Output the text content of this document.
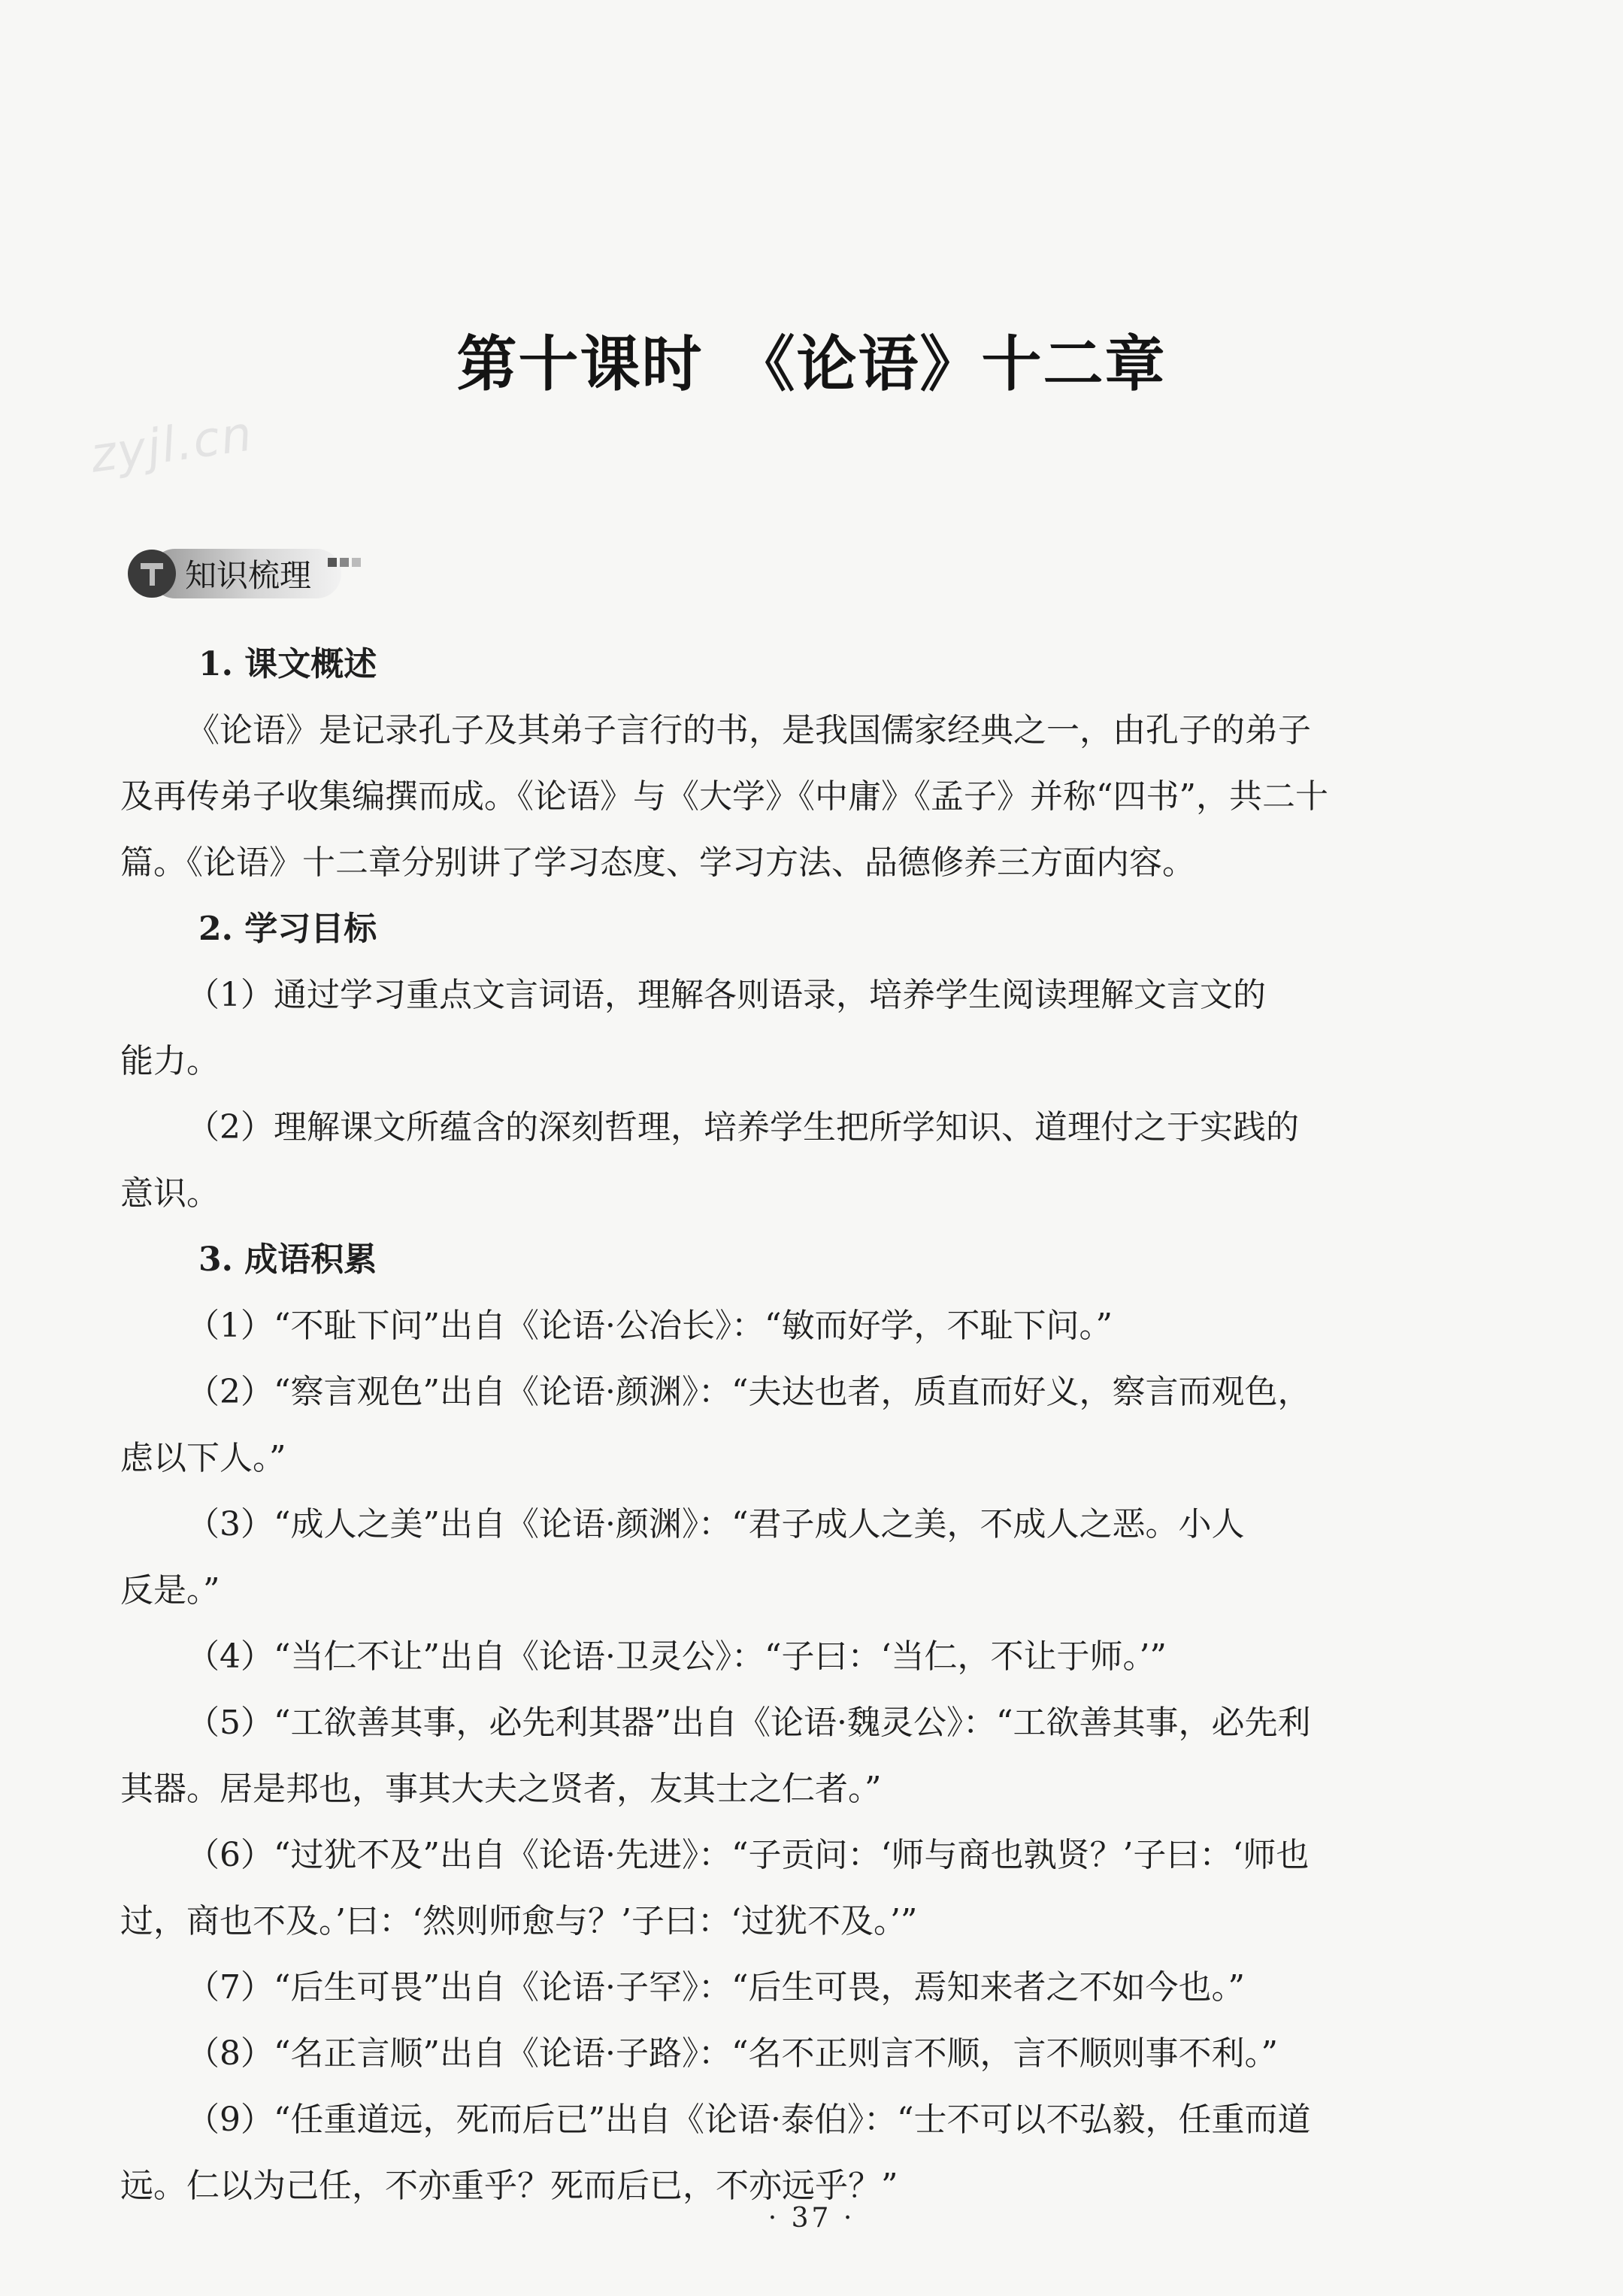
zyjl.cn
第十课时　《论语》十二章
知识梳理
1. 课文概述
《论语》是记录孔子及其弟子言行的书，是我国儒家经典之一，由孔子的弟子
及再传弟子收集编撰而成。《论语》与《大学》《中庸》《孟子》并称“四书”，共二十
篇。《论语》十二章分别讲了学习态度、学习方法、品德修养三方面内容。
2. 学习目标
（1）通过学习重点文言词语，理解各则语录，培养学生阅读理解文言文的
能力。
（2）理解课文所蕴含的深刻哲理，培养学生把所学知识、道理付之于实践的
意识。
3. 成语积累
（1）“不耻下问”出自《论语·公冶长》：“敏而好学，不耻下问。”
（2）“察言观色”出自《论语·颜渊》：“夫达也者，质直而好义，察言而观色，
虑以下人。”
（3）“成人之美”出自《论语·颜渊》：“君子成人之美，不成人之恶。小人
反是。”
（4）“当仁不让”出自《论语·卫灵公》：“子曰：‘当仁，不让于师。’”
（5）“工欲善其事，必先利其器”出自《论语·魏灵公》：“工欲善其事，必先利
其器。居是邦也，事其大夫之贤者，友其士之仁者。”
（6）“过犹不及”出自《论语·先进》：“子贡问：‘师与商也孰贤？’子曰：‘师也
过，商也不及。’曰：‘然则师愈与？’子曰：‘过犹不及。’”
（7）“后生可畏”出自《论语·子罕》：“后生可畏，焉知来者之不如今也。”
（8）“名正言顺”出自《论语·子路》：“名不正则言不顺，言不顺则事不利。”
（9）“任重道远，死而后已”出自《论语·泰伯》：“士不可以不弘毅，任重而道
远。仁以为己任，不亦重乎？死而后已，不亦远乎？”
· 37 ·
